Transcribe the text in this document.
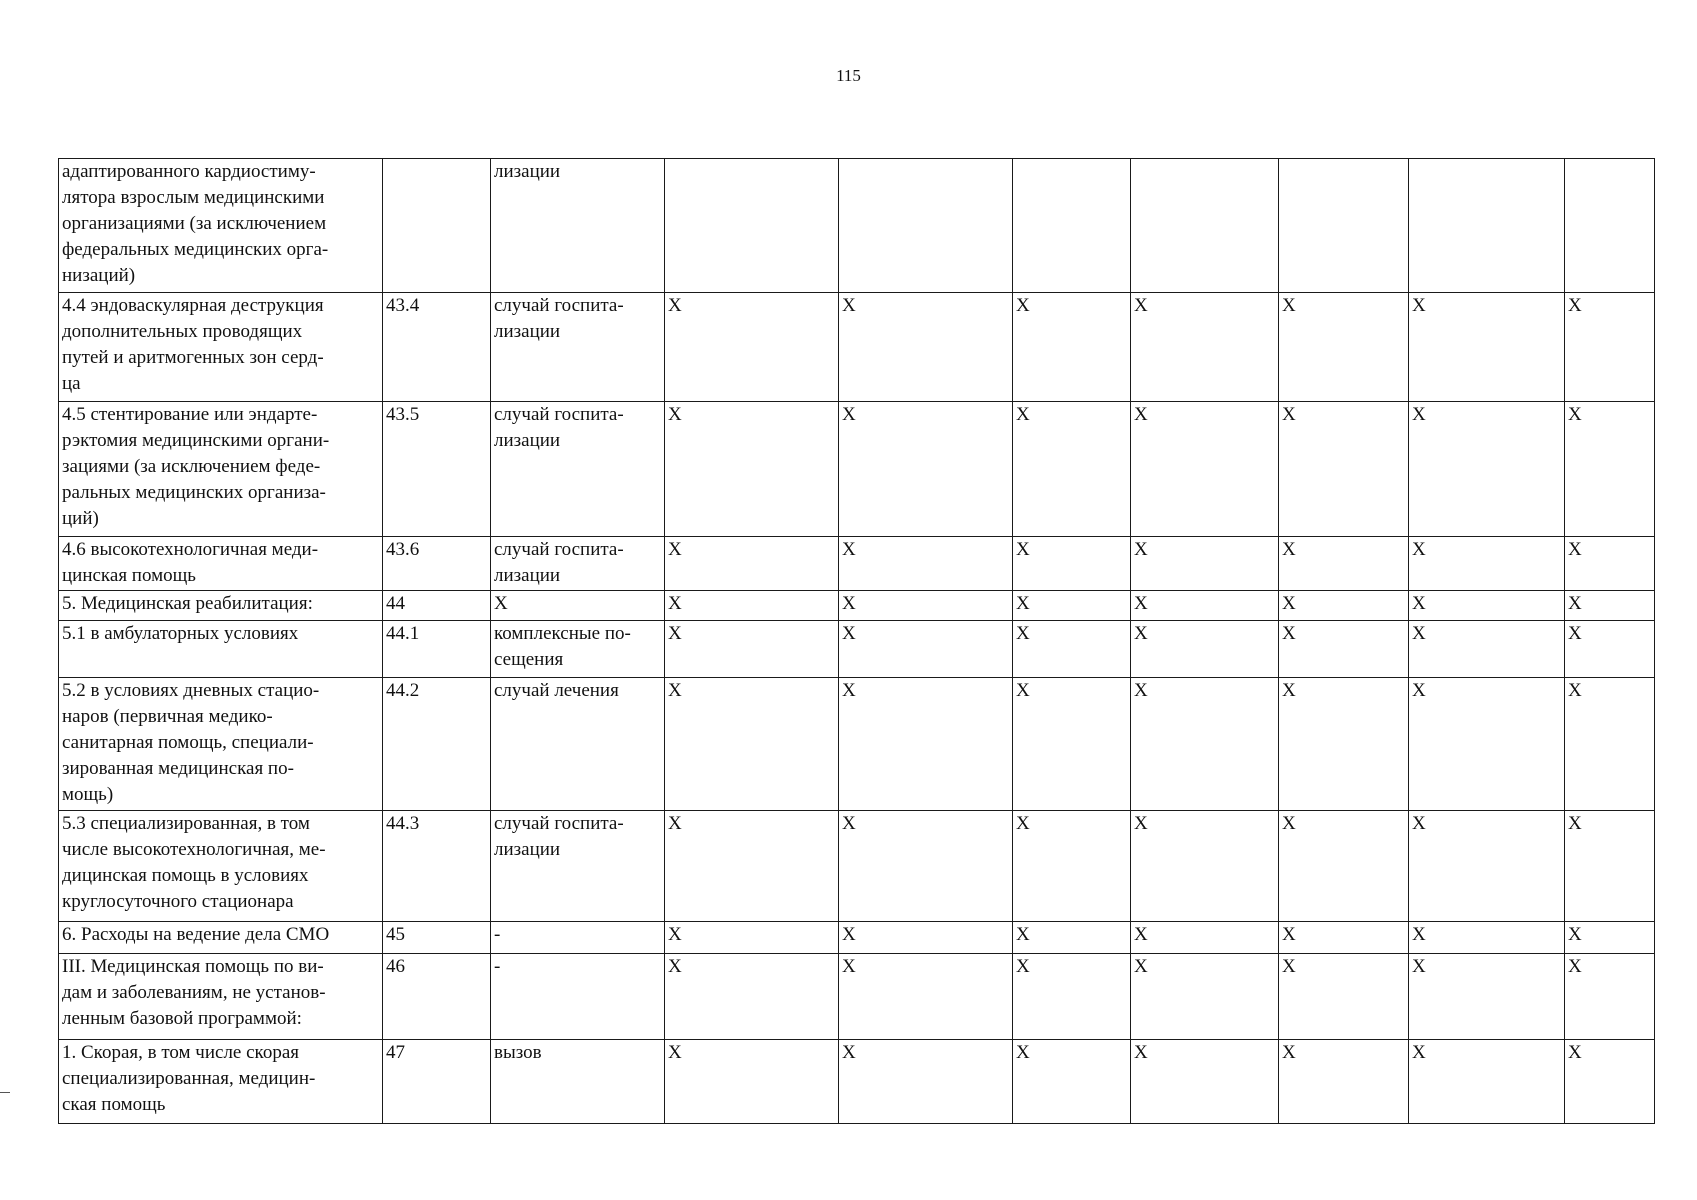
115
адаптированного кардиостиму-
лятора взрослым медицинскими
организациями (за исключением
федеральных медицинских орга-
низаций)		лизации							
4.4 эндоваскулярная деструкция
дополнительных проводящих
путей и аритмогенных зон серд-
ца	43.4	случай госпита-
лизации	X	X	X	X	X	X	X
4.5 стентирование или эндарте-
рэктомия медицинскими органи-
зациями (за исключением феде-
ральных медицинских организа-
ций)	43.5	случай госпита-
лизации	X	X	X	X	X	X	X
4.6 высокотехнологичная меди-
цинская помощь	43.6	случай госпита-
лизации	X	X	X	X	X	X	X
5. Медицинская реабилитация:	44	X	X	X	X	X	X	X	X
5.1 в амбулаторных условиях	44.1	комплексные по-
сещения	X	X	X	X	X	X	X
5.2 в условиях дневных стацио-
наров (первичная медико-
санитарная помощь, специали-
зированная медицинская по-
мощь)	44.2	случай лечения	X	X	X	X	X	X	X
5.3 специализированная, в том
числе высокотехнологичная, ме-
дицинская помощь в условиях
круглосуточного стационара	44.3	случай госпита-
лизации	X	X	X	X	X	X	X
6. Расходы на ведение дела СМО	45	-	X	X	X	X	X	X	X
III. Медицинская помощь по ви-
дам и заболеваниям, не установ-
ленным базовой программой:	46	-	X	X	X	X	X	X	X
1. Скорая, в том числе скорая
специализированная, медицин-
ская помощь	47	вызов	X	X	X	X	X	X	X
